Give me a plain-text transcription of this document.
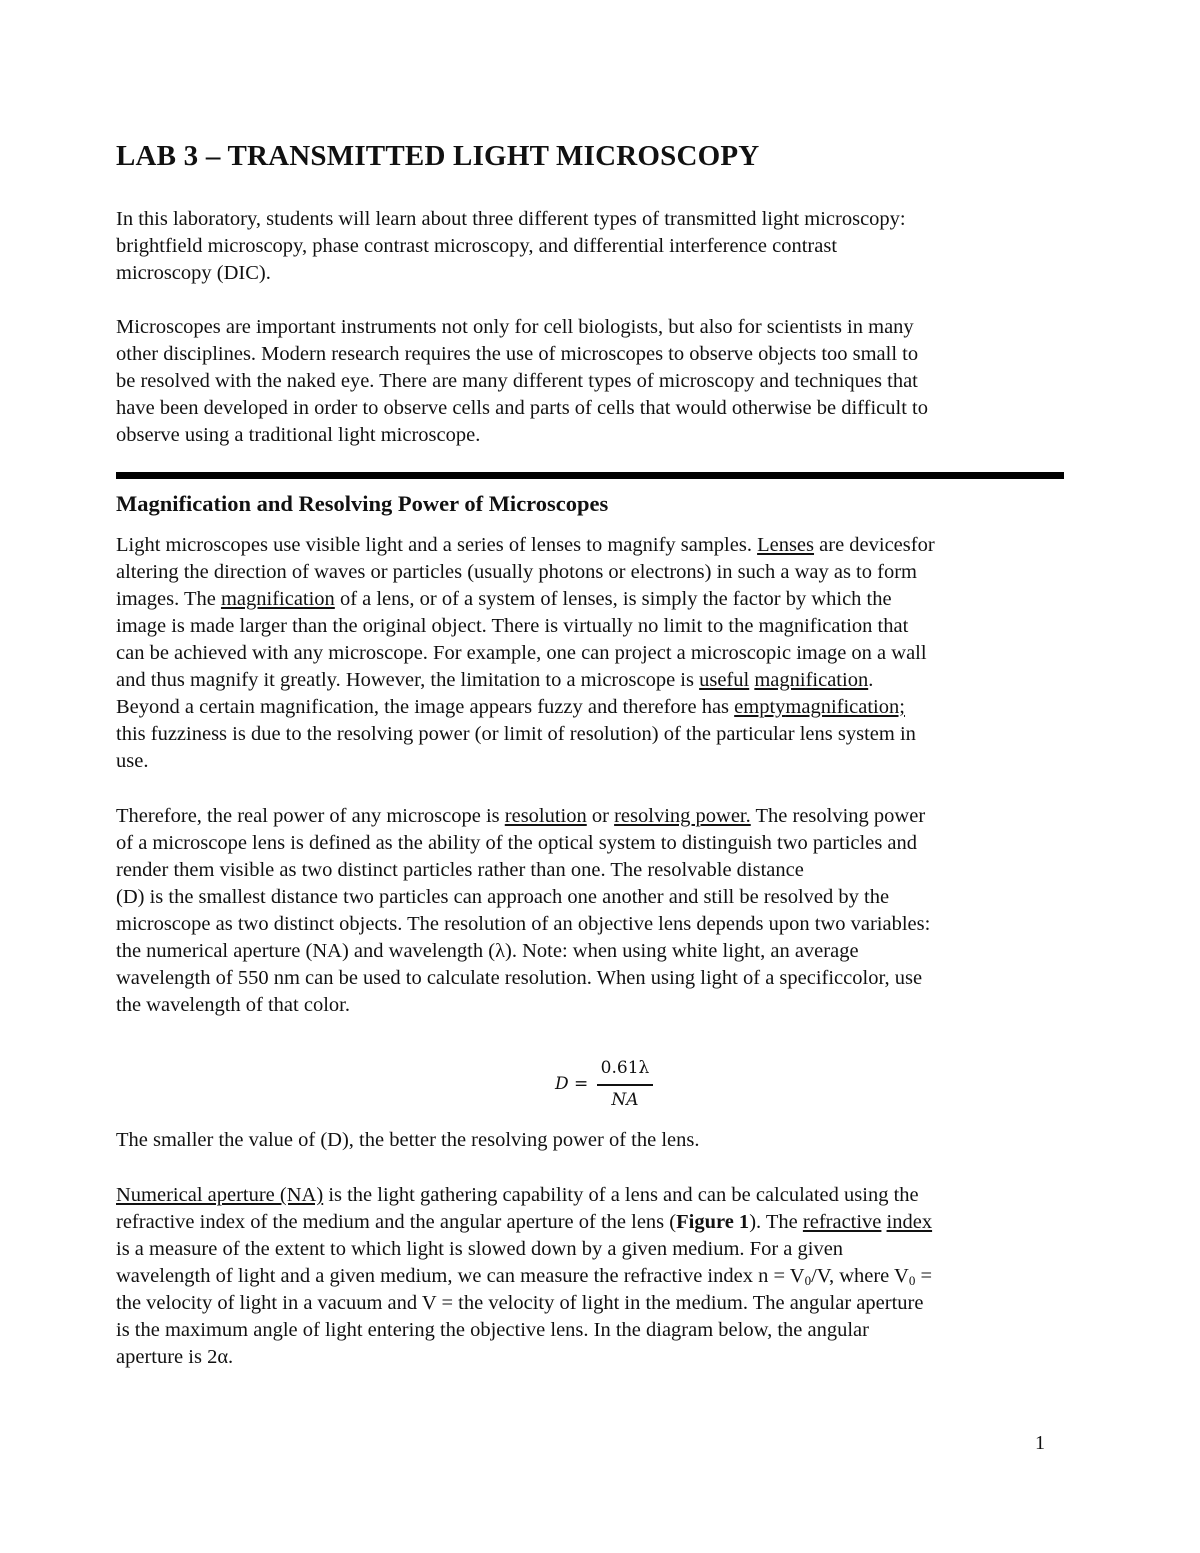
LAB 3 – TRANSMITTED LIGHT MICROSCOPY

In this laboratory, students will learn about three different types of transmitted light microscopy:

brightfield microscopy, phase contrast microscopy, and differential interference contrast

microscopy (DIC).

Microscopes are important instruments not only for cell biologists, but also for scientists in many

other disciplines. Modern research requires the use of microscopes to observe objects too small to

be resolved with the naked eye. There are many different types of microscopy and techniques that

have been developed in order to observe cells and parts of cells that would otherwise be difficult to

observe using a traditional light microscope.

Magnification and Resolving Power of Microscopes

Light microscopes use visible light and a series of lenses to magnify samples. Lenses are devicesfor

altering the direction of waves or particles (usually photons or electrons) in such a way as to form

images. The magnification of a lens, or of a system of lenses, is simply the factor by which the

image is made larger than the original object. There is virtually no limit to the magnification that

can be achieved with any microscope. For example, one can project a microscopic image on a wall

and thus magnify it greatly. However, the limitation to a microscope is useful magnification.

Beyond a certain magnification, the image appears fuzzy and therefore has emptymagnification;

this fuzziness is due to the resolving power (or limit of resolution) of the particular lens system in

use.

Therefore, the real power of any microscope is resolution or resolving power. The resolving power

of a microscope lens is defined as the ability of the optical system to distinguish two particles and

render them visible as two distinct particles rather than one. The resolvable distance

(D) is the smallest distance two particles can approach one another and still be resolved by the

microscope as two distinct objects. The resolution of an objective lens depends upon two variables:

the numerical aperture (NA) and wavelength (λ). Note: when using white light, an average

wavelength of 550 nm can be used to calculate resolution. When using light of a specificcolor, use

the wavelength of that color.

D =
0.61λ
NA

The smaller the value of (D), the better the resolving power of the lens.

Numerical aperture (NA) is the light gathering capability of a lens and can be calculated using the

refractive index of the medium and the angular aperture of the lens (Figure 1). The refractive index

is a measure of the extent to which light is slowed down by a given medium. For a given

wavelength of light and a given medium, we can measure the refractive index $n = V_0/V$, where $V_0$ =

the velocity of light in a vacuum and V = the velocity of light in the medium. The angular aperture

is the maximum angle of light entering the objective lens. In the diagram below, the angular

aperture is 2α.

1
